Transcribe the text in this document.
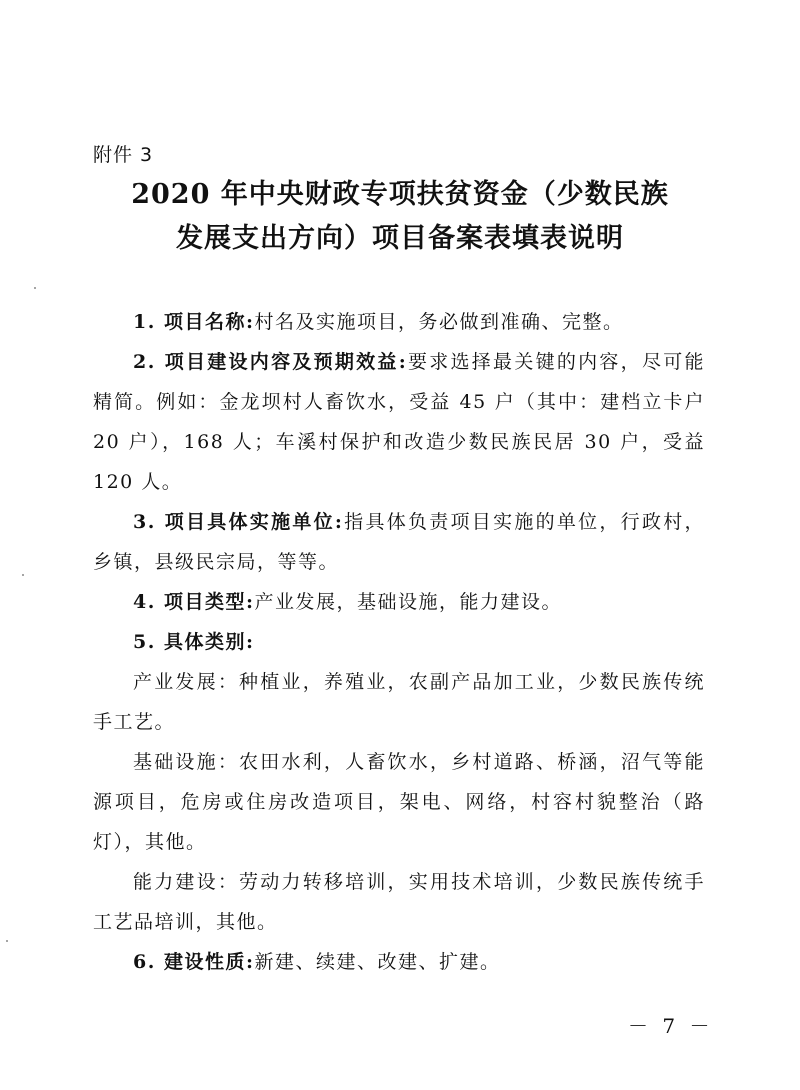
附件 3
2020 年中央财政专项扶贫资金（少数民族
发展支出方向）项目备案表填表说明

1. 项目名称:村名及实施项目，务必做到准确、完整。

2. 项目建设内容及预期效益:要求选择最关键的内容，尽可能精简。例如：金龙坝村人畜饮水，受益 45 户（其中：建档立卡户 20 户），168 人；车溪村保护和改造少数民族民居 30 户，受益 120 人。

3. 项目具体实施单位:指具体负责项目实施的单位，行政村，乡镇，县级民宗局，等等。

4. 项目类型:产业发展，基础设施，能力建设。

5. 具体类别:

产业发展：种植业，养殖业，农副产品加工业，少数民族传统手工艺。

基础设施：农田水利，人畜饮水，乡村道路、桥涵，沼气等能源项目，危房或住房改造项目，架电、网络，村容村貌整治（路灯），其他。

能力建设：劳动力转移培训，实用技术培训，少数民族传统手工艺品培训，其他。

6. 建设性质:新建、续建、改建、扩建。

－ 7 －
